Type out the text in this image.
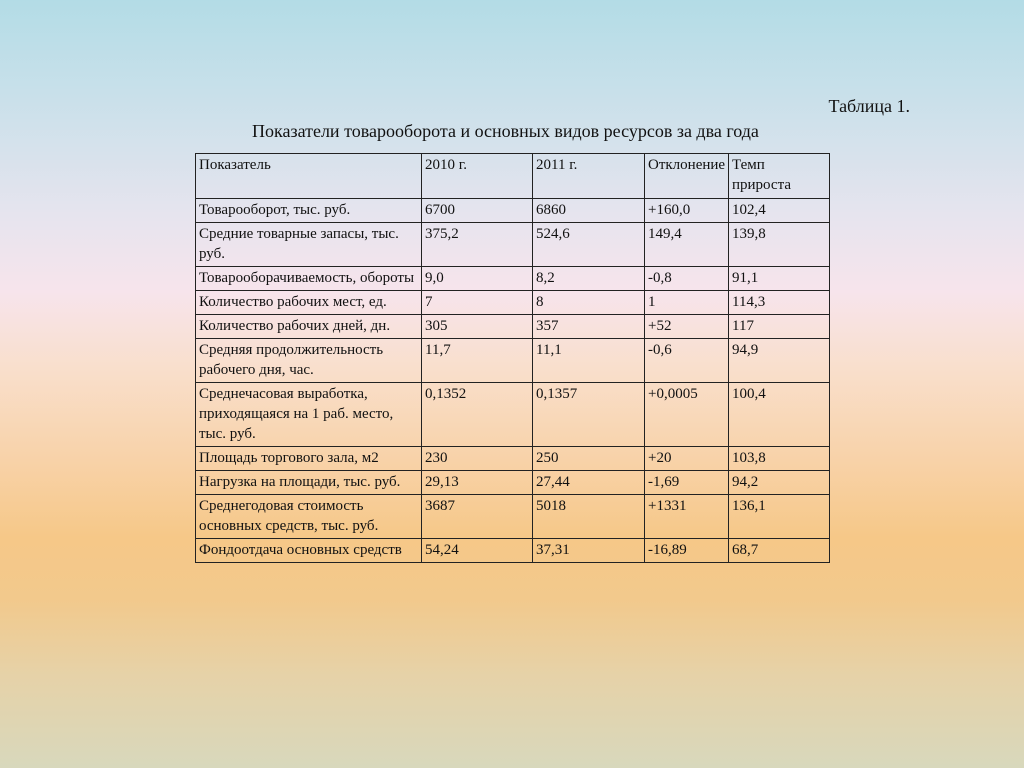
Таблица 1.
Показатели товарооборота и основных видов ресурсов за два года
Показатель	2010 г.	2011 г.	Отклонение	Темп прироста
Товарооборот, тыс. руб.	6700	6860	+160,0	102,4
Средние товарные запасы, тыс. руб.	375,2	524,6	149,4	139,8
Товарооборачиваемость, обороты	9,0	8,2	-0,8	91,1
Количество рабочих мест, ед.	7	8	1	114,3
Количество рабочих дней, дн.	305	357	+52	117
Средняя продолжительность рабочего дня, час.	11,7	11,1	-0,6	94,9
Среднечасовая выработка, приходящаяся на 1 раб. место, тыс. руб.	0,1352	0,1357	+0,0005	100,4
Площадь торгового зала, м2	230	250	+20	103,8
Нагрузка на площади, тыс. руб.	29,13	27,44	-1,69	94,2
Среднегодовая стоимость основных средств, тыс. руб.	3687	5018	+1331	136,1
Фондоотдача основных средств	54,24	37,31	-16,89	68,7
